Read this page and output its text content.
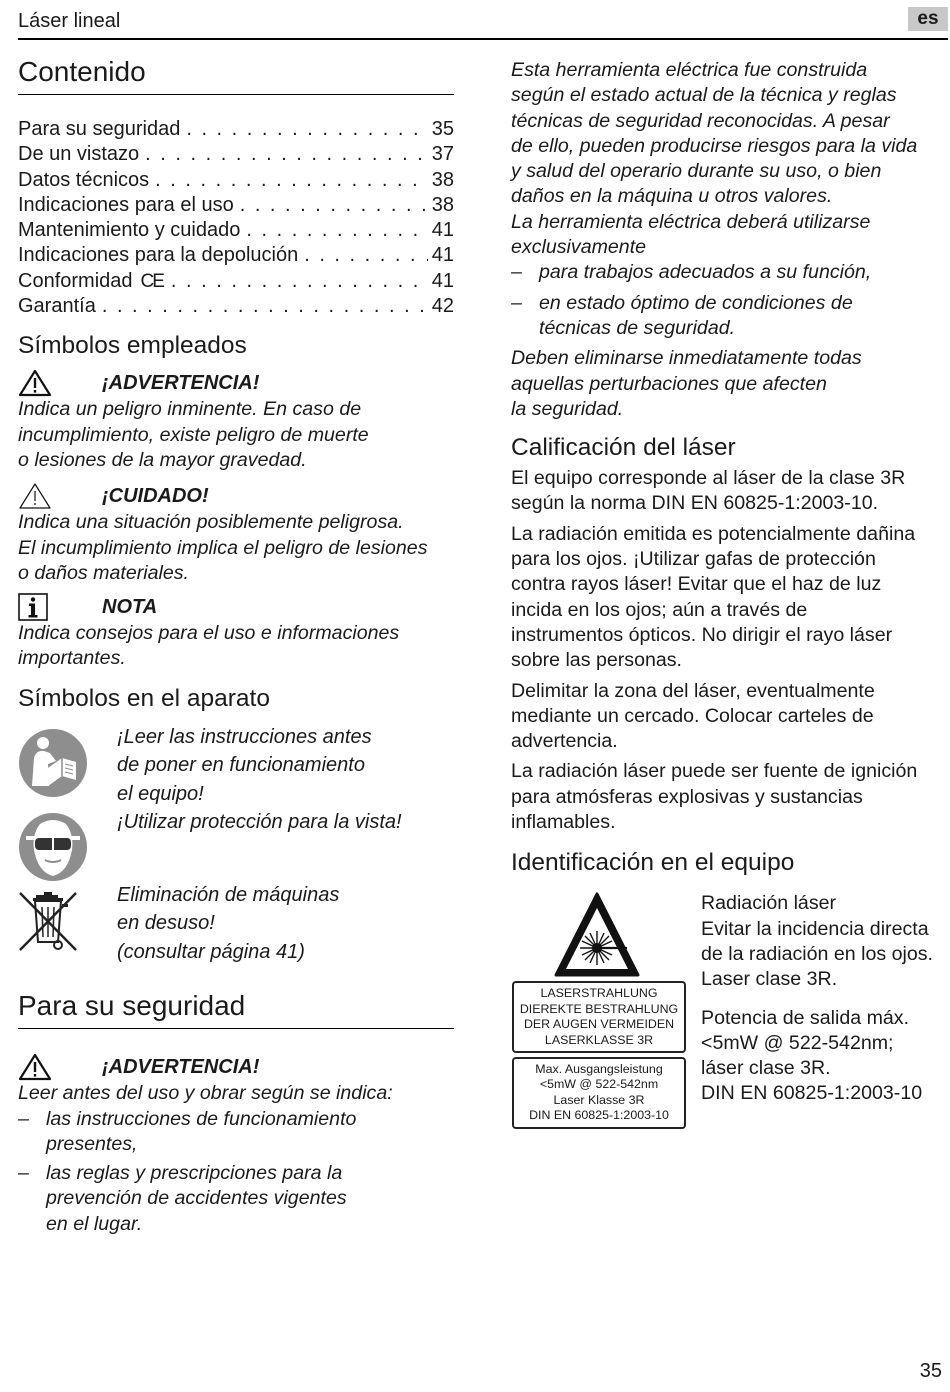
Láser lineal	es
Contenido
Para su seguridad . . .	35
De un vistazo . . .	37
Datos técnicos . . .	38
Indicaciones para el uso . . .	38
Mantenimiento y cuidado . . .	41
Indicaciones para la depolución . . .	41
Conformidad CE . . .	41
Garantía . . .	42
Símbolos empleados
¡ADVERTENCIA!

Indica un peligro inminente. En caso de

incumplimiento, existe peligro de muerte

o lesiones de la mayor gravedad.

¡CUIDADO!

Indica una situación posiblemente peligrosa.

El incumplimiento implica el peligro de lesiones

o daños materiales.

NOTA

Indica consejos para el uso e informaciones

importantes.

Símbolos en el aparato

¡Leer las instrucciones antes

de poner en funcionamiento

el equipo!

¡Utilizar protección para la vista!

Eliminación de máquinas

en desuso!

(consultar página 41)

Para su seguridad
¡ADVERTENCIA!

Leer antes del uso y obrar según se indica:

– las instrucciones de funcionamiento

presentes,

– las reglas y prescripciones para la

prevención de accidentes vigentes

en el lugar.

Esta herramienta eléctrica fue construida

según el estado actual de la técnica y reglas

técnicas de seguridad reconocidas. A pesar

de ello, pueden producirse riesgos para la vida

y salud del operario durante su uso, o bien

daños en la máquina u otros valores.

La herramienta eléctrica deberá utilizarse

exclusivamente

– para trabajos adecuados a su función,

– en estado óptimo de condiciones de

técnicas de seguridad.

Deben eliminarse inmediatamente todas

aquellas perturbaciones que afecten

la seguridad.

Calificación del láser

El equipo corresponde al láser de la clase 3R

según la norma DIN EN 60825-1:2003-10.

La radiación emitida es potencialmente dañina

para los ojos. ¡Utilizar gafas de protección

contra rayos láser! Evitar que el haz de luz

incida en los ojos; aún a través de

instrumentos ópticos. No dirigir el rayo láser

sobre las personas.

Delimitar la zona del láser, eventualmente

mediante un cercado. Colocar carteles de

advertencia.

La radiación láser puede ser fuente de ignición

para atmósferas explosivas y sustancias

inflamables.

Identificación en el equipo
LASERSTRAHLUNG
DIEREKTE BESTRAHLUNG
DER AUGEN VERMEIDEN
LASERKLASSE 3R
Max. Ausgangsleistung
<5mW @ 522-542nm
Laser Klasse 3R
DIN EN 60825-1:2003-10

Radiación láser

Evitar la incidencia directa

de la radiación en los ojos.

Laser clase 3R.

Potencia de salida máx.

<5mW @ 522-542nm;

láser clase 3R.

DIN EN 60825-1:2003-10

35
